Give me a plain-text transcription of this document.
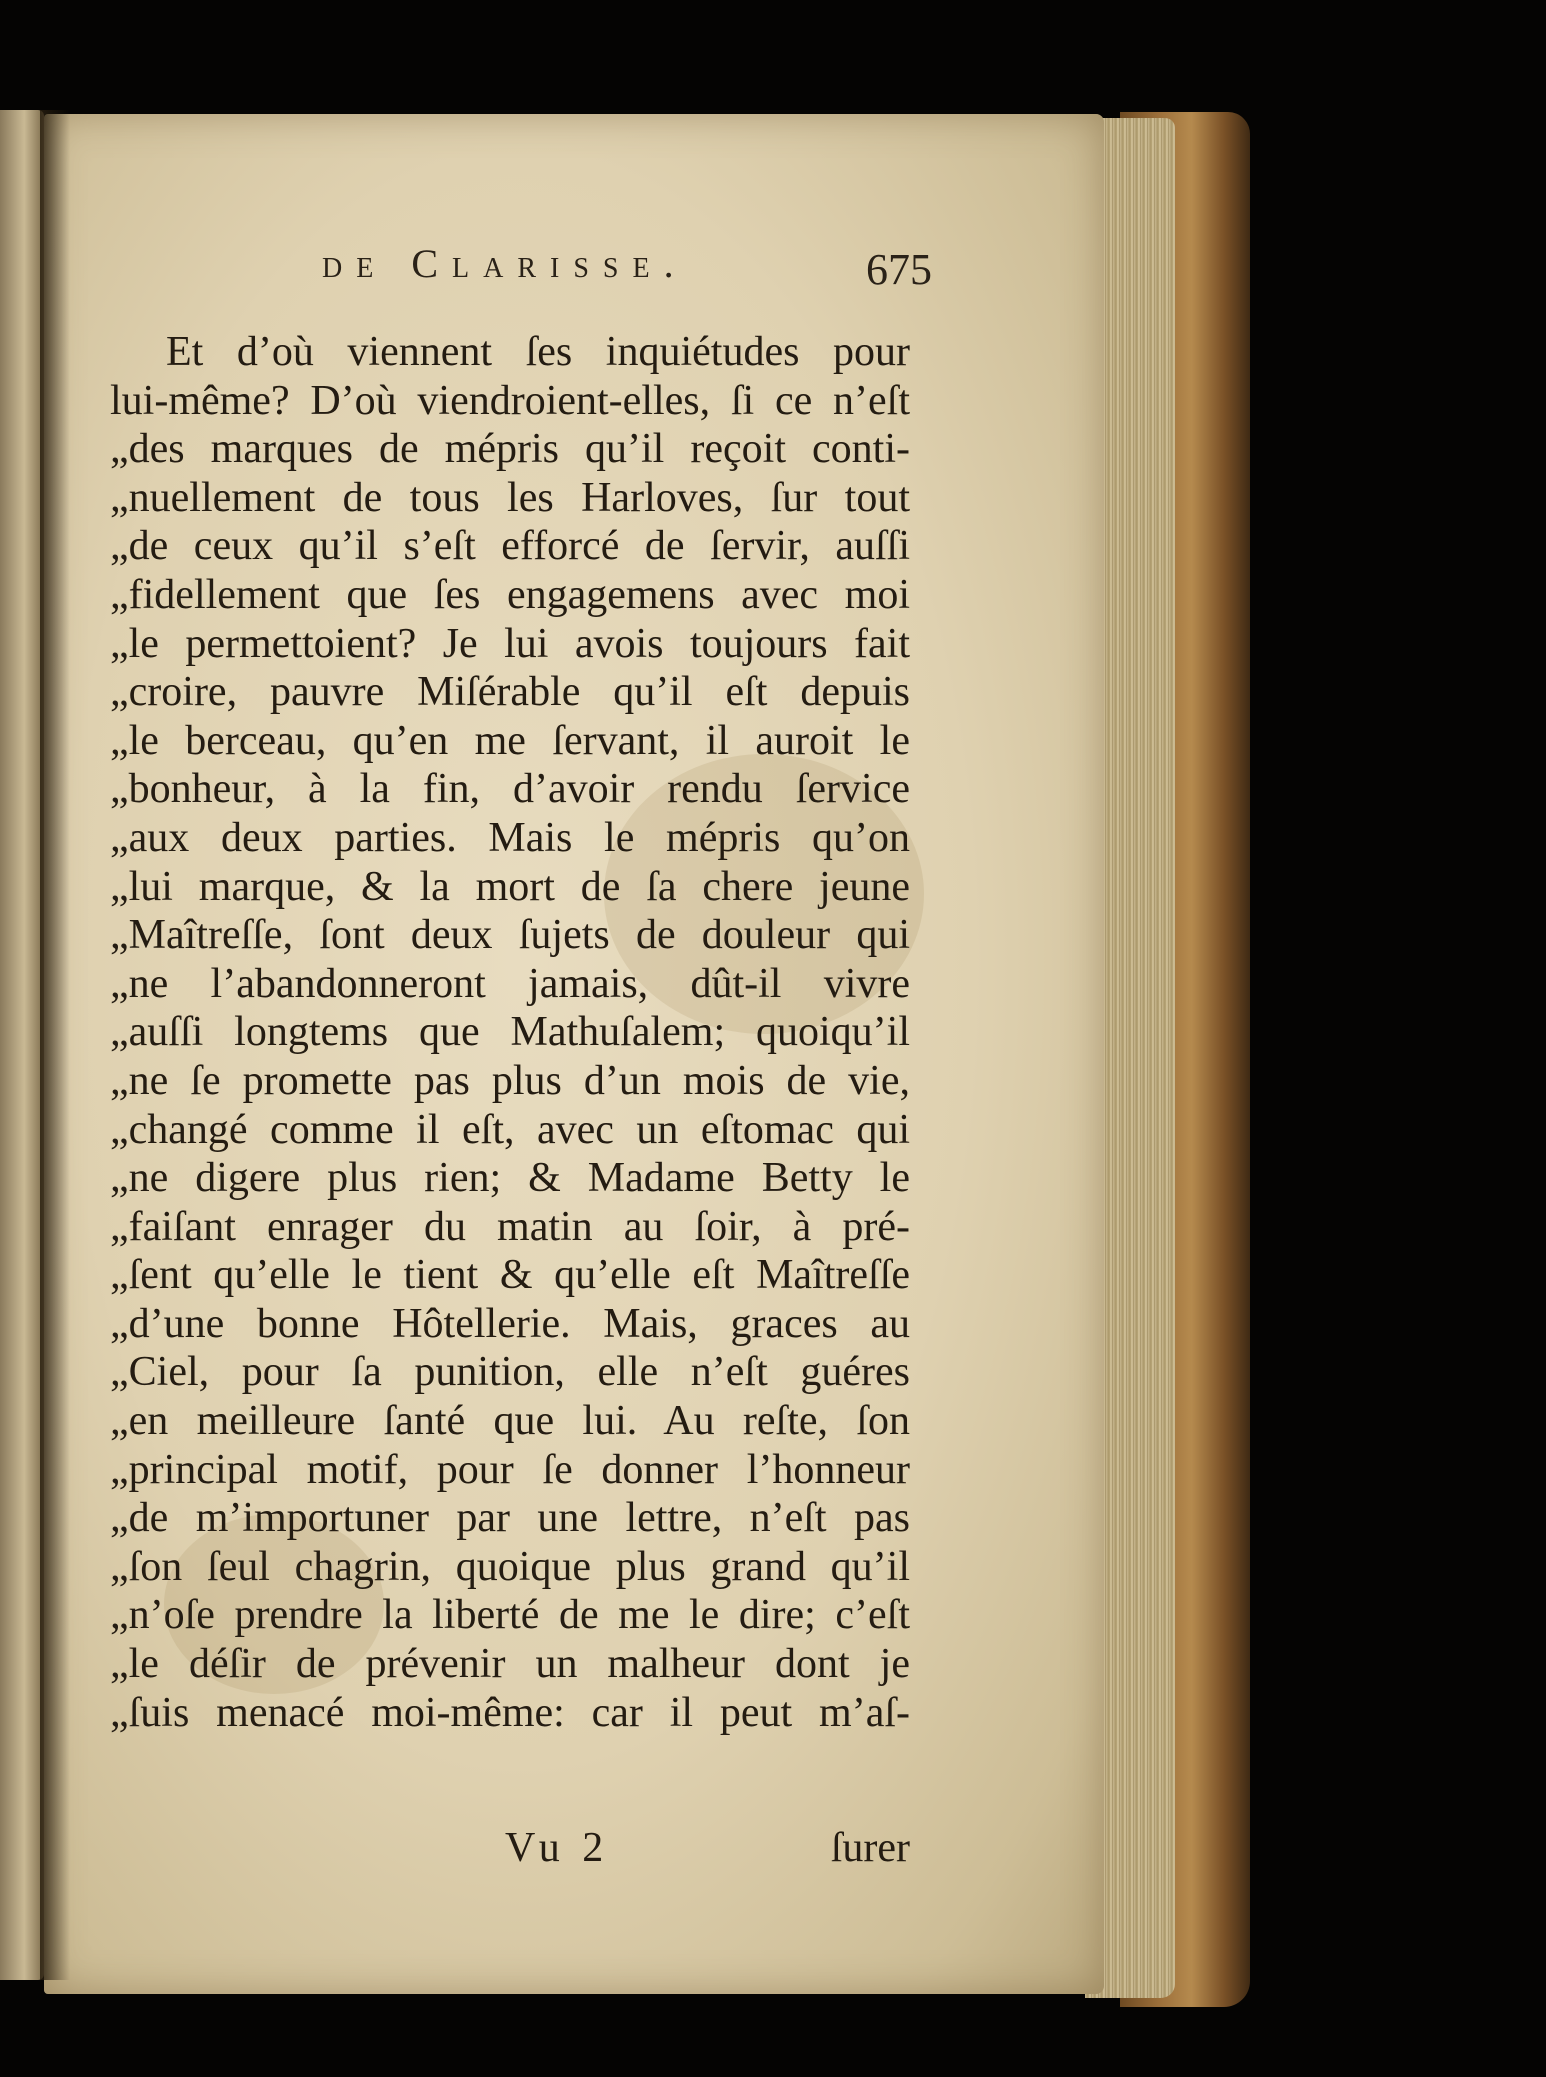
de Clarisse.	675
Et d’où viennent ſes inquiétudes pour
lui-même? D’où viendroient-elles, ſi ce n’eſt
„des marques de mépris qu’il reçoit conti-
„nuellement de tous les Harloves, ſur tout
„de ceux qu’il s’eſt efforcé de ſervir, auſſi
„fidellement que ſes engagemens avec moi
„le permettoient? Je lui avois toujours fait
„croire, pauvre Miſérable qu’il eſt depuis
„le berceau, qu’en me ſervant, il auroit le
„bonheur, à la fin, d’avoir rendu ſervice
„aux deux parties. Mais le mépris qu’on
„lui marque, & la mort de ſa chere jeune
„Maîtreſſe, ſont deux ſujets de douleur qui
„ne l’abandonneront jamais, dût-il vivre
„auſſi longtems que Mathuſalem; quoiqu’il
„ne ſe promette pas plus d’un mois de vie,
„changé comme il eſt, avec un eſtomac qui
„ne digere plus rien; & Madame Betty le
„faiſant enrager du matin au ſoir, à pré-
„ſent qu’elle le tient & qu’elle eſt Maîtreſſe
„d’une bonne Hôtellerie. Mais, graces au
„Ciel, pour ſa punition, elle n’eſt guéres
„en meilleure ſanté que lui. Au reſte, ſon
„principal motif, pour ſe donner l’honneur
„de m’importuner par une lettre, n’eſt pas
„ſon ſeul chagrin, quoique plus grand qu’il
„n’oſe prendre la liberté de me le dire; c’eſt
„le déſir de prévenir un malheur dont je
„ſuis menacé moi-même: car il peut m’aſ-
Vu 2	ſurer
